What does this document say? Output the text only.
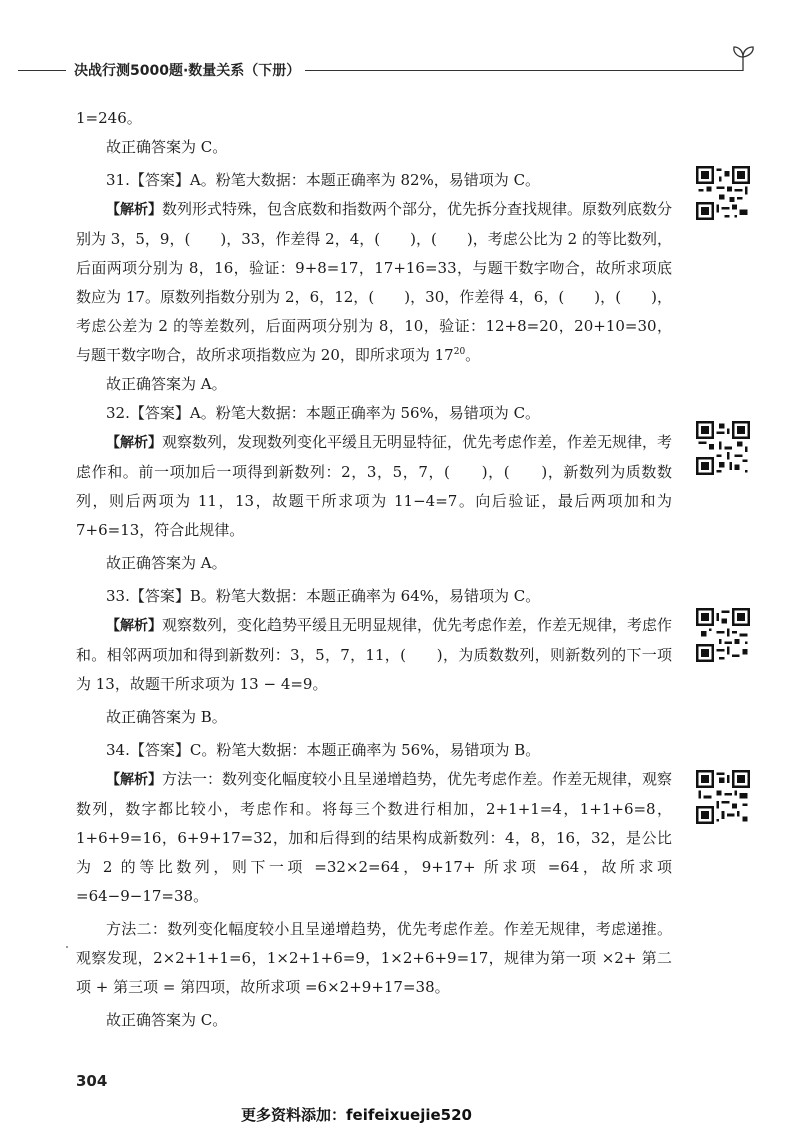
决战行测5000题·数量关系（下册）

1=246。

故正确答案为 C。

31.【答案】A。粉笔大数据：本题正确率为 82%，易错项为 C。

【解析】数列形式特殊，包含底数和指数两个部分，优先拆分查找规律。原数列底数分别为 3，5，9，(　　)，33，作差得 2，4，(　　)，(　　)，考虑公比为 2 的等比数列，后面两项分别为 8，16，验证：9+8=17，17+16=33，与题干数字吻合，故所求项底数应为 17。原数列指数分别为 2，6，12，(　　)，30，作差得 4，6，(　　)，(　　)，考虑公差为 2 的等差数列，后面两项分别为 8，10，验证：12+8=20，20+10=30，与题干数字吻合，故所求项指数应为 20，即所求项为 $17^{20}$。

故正确答案为 A。

32.【答案】A。粉笔大数据：本题正确率为 56%，易错项为 C。

【解析】观察数列，发现数列变化平缓且无明显特征，优先考虑作差，作差无规律，考虑作和。前一项加后一项得到新数列：2，3，5，7，(　　)，(　　)，新数列为质数数列，则后两项为 11，13，故题干所求项为 11−4=7。向后验证，最后两项加和为 7+6=13，符合此规律。

故正确答案为 A。

33.【答案】B。粉笔大数据：本题正确率为 64%，易错项为 C。

【解析】观察数列，变化趋势平缓且无明显规律，优先考虑作差，作差无规律，考虑作和。相邻两项加和得到新数列：3，5，7，11，(　　)，为质数数列，则新数列的下一项为 13，故题干所求项为 13 − 4=9。

故正确答案为 B。

34.【答案】C。粉笔大数据：本题正确率为 56%，易错项为 B。

【解析】方法一：数列变化幅度较小且呈递增趋势，优先考虑作差。作差无规律，观察数列，数字都比较小，考虑作和。将每三个数进行相加，2+1+1=4，1+1+6=8，1+6+9=16，6+9+17=32，加和后得到的结果构成新数列：4，8，16，32，是公比为 2 的等比数列，则下一项 =32×2=64，9+17+ 所求项 =64，故所求项 =64−9−17=38。

方法二：数列变化幅度较小且呈递增趋势，优先考虑作差。作差无规律，考虑递推。观察发现，2×2+1+1=6，1×2+1+6=9，1×2+6+9=17，规律为第一项 ×2+ 第二项 + 第三项 = 第四项，故所求项 =6×2+9+17=38。

故正确答案为 C。

304
更多资料添加：feifeixuejie520
